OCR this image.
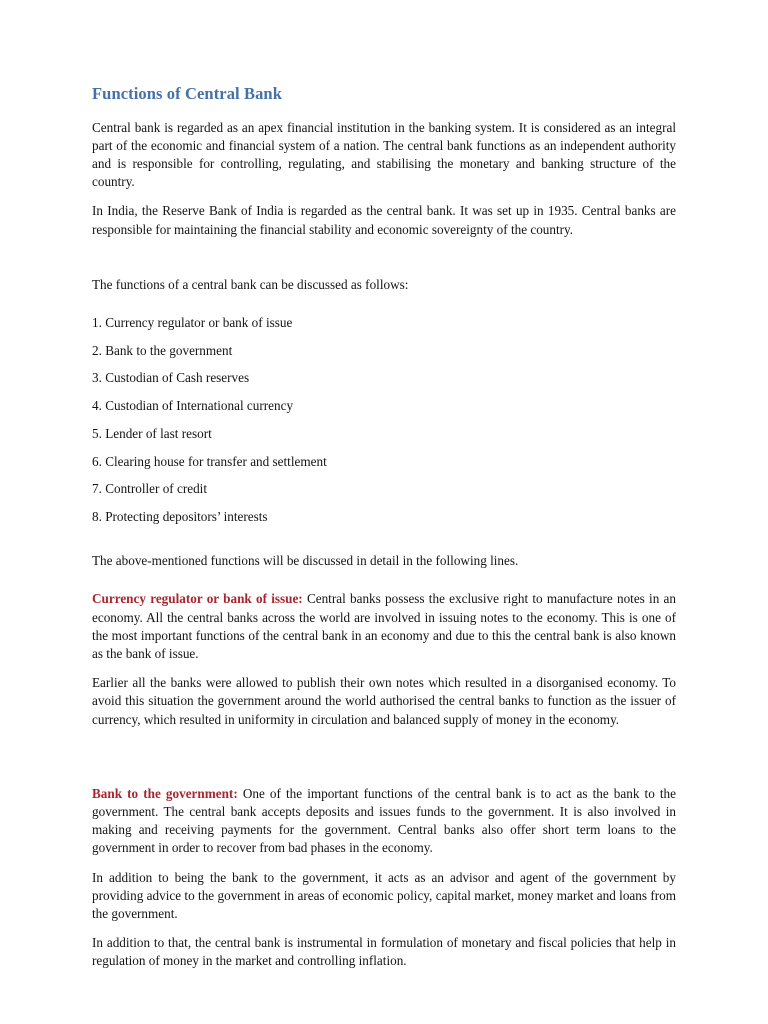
Functions of Central Bank

Central bank is regarded as an apex financial institution in the banking system. It is considered as an integral part of the economic and financial system of a nation. The central bank functions as an independent authority and is responsible for controlling, regulating, and stabilising the monetary and banking structure of the country.

In India, the Reserve Bank of India is regarded as the central bank. It was set up in 1935. Central banks are responsible for maintaining the financial stability and economic sovereignty of the country.

The functions of a central bank can be discussed as follows:

1. Currency regulator or bank of issue
2. Bank to the government
3. Custodian of Cash reserves
4. Custodian of International currency
5. Lender of last resort
6. Clearing house for transfer and settlement
7. Controller of credit
8. Protecting depositors’ interests

The above-mentioned functions will be discussed in detail in the following lines.

Currency regulator or bank of issue: Central banks possess the exclusive right to manufacture notes in an economy. All the central banks across the world are involved in issuing notes to the economy. This is one of the most important functions of the central bank in an economy and due to this the central bank is also known as the bank of issue.

Earlier all the banks were allowed to publish their own notes which resulted in a disorganised economy. To avoid this situation the government around the world authorised the central banks to function as the issuer of currency, which resulted in uniformity in circulation and balanced supply of money in the economy.

Bank to the government: One of the important functions of the central bank is to act as the bank to the government. The central bank accepts deposits and issues funds to the government. It is also involved in making and receiving payments for the government. Central banks also offer short term loans to the government in order to recover from bad phases in the economy.

In addition to being the bank to the government, it acts as an advisor and agent of the government by providing advice to the government in areas of economic policy, capital market, money market and loans from the government.

In addition to that, the central bank is instrumental in formulation of monetary and fiscal policies that help in regulation of money in the market and controlling inflation.
